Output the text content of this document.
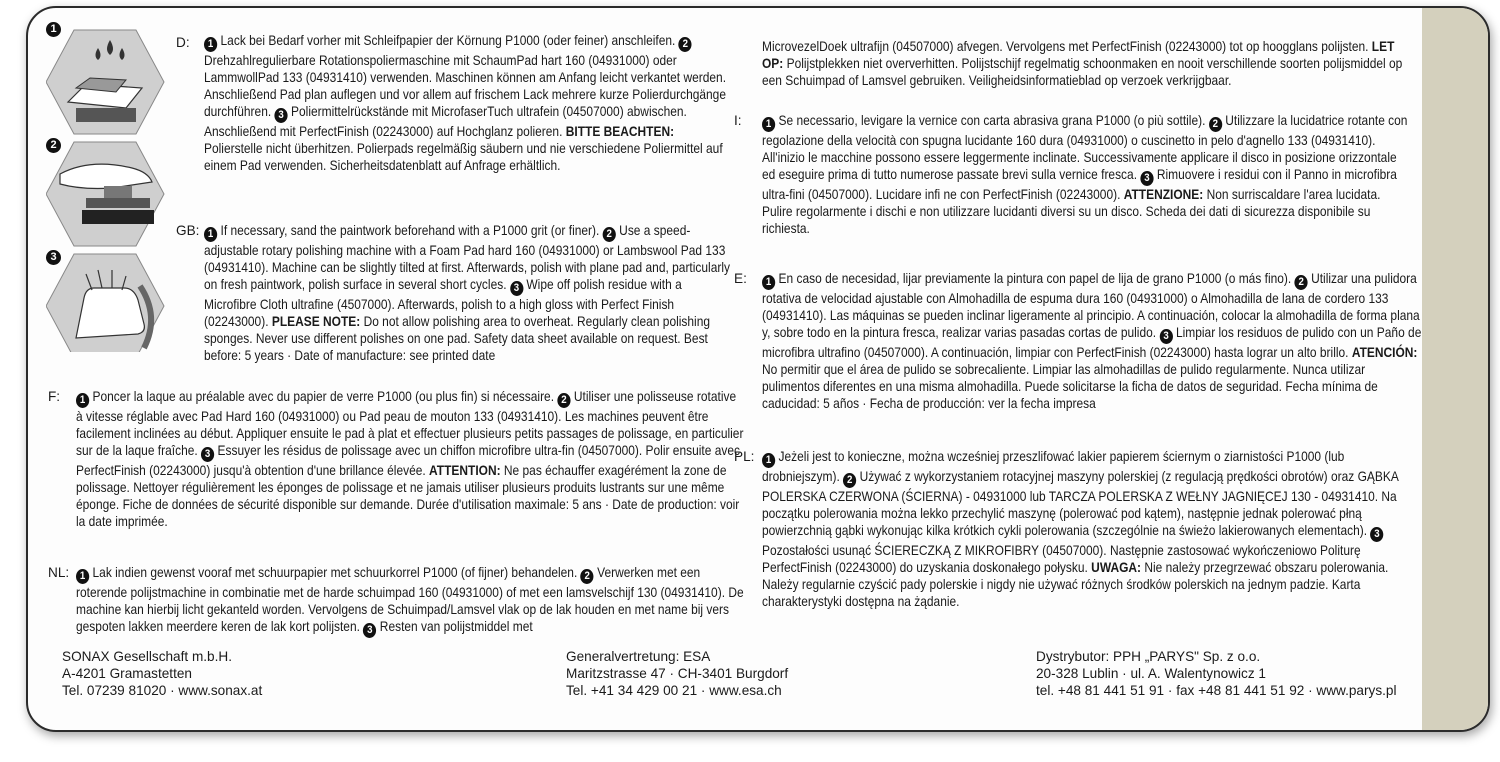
1
2
3
D:	1 Lack bei Bedarf vorher mit Schleifpapier der Körnung P1000 (oder feiner) anschleifen. 2 Drehzahlregulierbare Rotationspoliermaschine mit SchaumPad hart 160 (04931000) oder LammwollPad 133 (04931410) verwenden. Maschinen können am Anfang leicht verkantet werden. Anschließend Pad plan auflegen und vor allem auf frischem Lack mehrere kurze Polierdurchgänge durchführen. 3 Poliermittelrückstände mit MicrofaserTuch ultrafein (04507000) abwischen. Anschließend mit PerfectFinish (02243000) auf Hochglanz polieren. BITTE BEACHTEN: Polierstelle nicht überhitzen. Polierpads regelmäßig säubern und nie verschiedene Poliermittel auf einem Pad verwenden. Sicherheitsdatenblatt auf Anfrage erhältlich.
GB: 1 If necessary, sand the paintwork beforehand with a P1000 grit (or finer). 2 Use a speed-adjustable rotary polishing machine with a Foam Pad hard 160 (04931000) or Lambswool Pad 133 (04931410). Machine can be slightly tilted at first. Afterwards, polish with plane pad and, particularly on fresh paintwork, polish surface in several short cycles. 3 Wipe off polish residue with a Microfibre Cloth ultrafine (4507000). Afterwards, polish to a high gloss with Perfect Finish (02243000). PLEASE NOTE: Do not allow polishing area to overheat. Regularly clean polishing sponges. Never use different polishes on one pad. Safety data sheet available on request. Best before: 5 years · Date of manufacture: see printed date
F:	1 Poncer la laque au préalable avec du papier de verre P1000 (ou plus fin) si nécessaire. 2 Utiliser une polisseuse rotative à vitesse réglable avec Pad Hard 160 (04931000) ou Pad peau de mouton 133 (04931410). Les machines peuvent être facilement inclinées au début. Appliquer ensuite le pad à plat et effectuer plusieurs petits passages de polissage, en particulier sur de la laque fraîche. 3 Essuyer les résidus de polissage avec un chiffon microfibre ultra-fin (04507000). Polir ensuite avec PerfectFinish (02243000) jusqu'à obtention d'une brillance élevée. ATTENTION: Ne pas échauffer exagérément la zone de polissage. Nettoyer régulièrement les éponges de polissage et ne jamais utiliser plusieurs produits lustrants sur une même éponge. Fiche de données de sécurité disponible sur demande. Durée d'utilisation maximale: 5 ans · Date de production: voir la date imprimée.
NL: 1 Lak indien gewenst vooraf met schuurpapier met schuurkorrel P1000 (of fijner) behandelen. 2 Verwerken met een roterende polijstmachine in combinatie met de harde schuimpad 160 (04931000) of met een lamsvelschijf 130 (04931410). De machine kan hierbij licht gekanteld worden. Vervolgens de Schuimpad/Lamsvel vlak op de lak houden en met name bij vers gespoten lakken meerdere keren de lak kort polijsten. 3 Resten van polijstmiddel met
MicrovezelDoek ultrafijn (04507000) afvegen. Vervolgens met PerfectFinish (02243000) tot op hoogglans polijsten. LET OP: Polijstplekken niet oververhitten. Polijstschijf regelmatig schoonmaken en nooit verschillende soorten polijsmiddel op een Schuimpad of Lamsvel gebruiken. Veiligheidsinformatieblad op verzoek verkrijgbaar.
I:	1 Se necessario, levigare la vernice con carta abrasiva grana P1000 (o più sottile). 2 Utilizzare la lucidatrice rotante con regolazione della velocità con spugna lucidante 160 dura (04931000) o cuscinetto in pelo d'agnello 133 (04931410). All'inizio le macchine possono essere leggermente inclinate. Successivamente applicare il disco in posizione orizzontale ed eseguire prima di tutto numerose passate brevi sulla vernice fresca. 3 Rimuovere i residui con il Panno in microfibra ultra-fini (04507000). Lucidare infi ne con PerfectFinish (02243000). ATTENZIONE: Non surriscaldare l'area lucidata. Pulire regolarmente i dischi e non utilizzare lucidanti diversi su un disco. Scheda dei dati di sicurezza disponibile su richiesta.
E:	1 En caso de necesidad, lijar previamente la pintura con papel de lija de grano P1000 (o más fino). 2 Utilizar una pulidora rotativa de velocidad ajustable con Almohadilla de espuma dura 160 (04931000) o Almohadilla de lana de cordero 133 (04931410). Las máquinas se pueden inclinar ligeramente al principio. A continuación, colocar la almohadilla de forma plana y, sobre todo en la pintura fresca, realizar varias pasadas cortas de pulido. 3 Limpiar los residuos de pulido con un Paño de microfibra ultrafino (04507000). A continuación, limpiar con PerfectFinish (02243000) hasta lograr un alto brillo. ATENCIÓN: No permitir que el área de pulido se sobrecaliente. Limpiar las almohadillas de pulido regularmente. Nunca utilizar pulimentos diferentes en una misma almohadilla. Puede solicitarse la ficha de datos de seguridad. Fecha mínima de caducidad: 5 años · Fecha de producción: ver la fecha impresa
PL:	1 Jeżeli jest to konieczne, można wcześniej przeszlifować lakier papierem ściernym o ziarnistości P1000 (lub drobniejszym). 2 Używać z wykorzystaniem rotacyjnej maszyny polerskiej (z regulacją prędkości obrotów) oraz GĄBKA POLERSKA CZERWONA (ŚCIERNA) - 04931000 lub TARCZA POLERSKA Z WEŁNY JAGNIĘCEJ 130 - 04931410. Na początku polerowania można lekko przechylić maszynę (polerować pod kątem), następnie jednak polerować płną powierzchnią gąbki wykonując kilka krótkich cykli polerowania (szczególnie na świeżo lakierowanych elementach). 3 Pozostałości usunąć ŚCIERECZKĄ Z MIKROFIBRY (04507000). Następnie zastosować wykończeniowo Politurę PerfectFinish (02243000) do uzyskania doskonałego połysku. UWAGA: Nie należy przegrzewać obszaru polerowania. Należy regularnie czyścić pady polerskie i nigdy nie używać różnych środków polerskich na jednym padzie. Karta charakterystyki dostępna na żądanie.
SONAX Gesellschaft m.b.H.
A-4201 Gramastetten
Tel. 07239 81020 · www.sonax.at
Generalvertretung: ESA
Maritzstrasse 47 · CH-3401 Burgdorf
Tel. +41 34 429 00 21 · www.esa.ch
Dystrybutor: PPH „PARYS" Sp. z o.o.
20-328 Lublin · ul. A. Walentynowicz 1
tel. +48 81 441 51 91 · fax +48 81 441 51 92 · www.parys.pl
